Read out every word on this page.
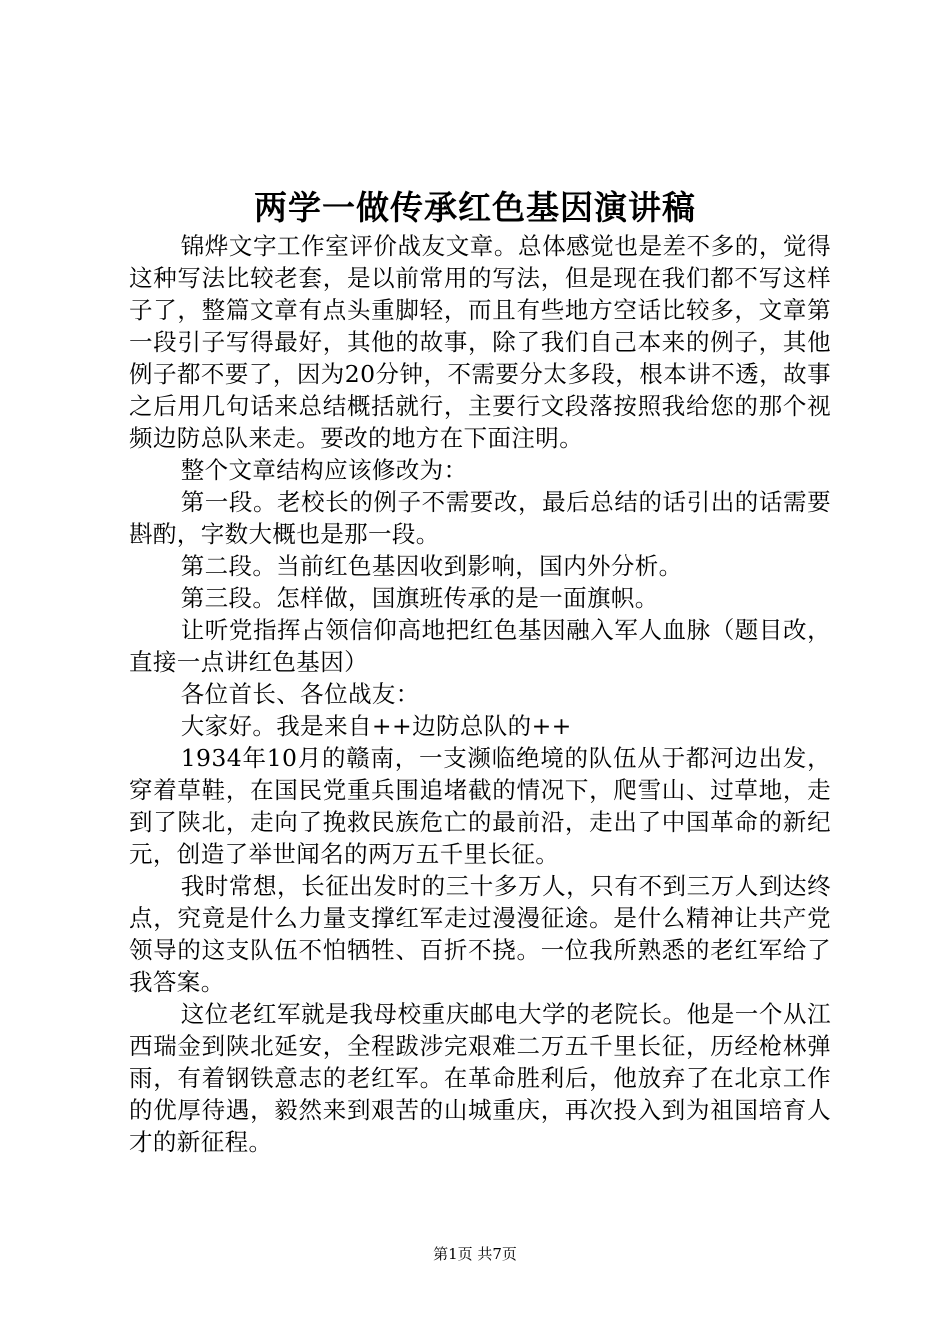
两学一做传承红色基因演讲稿

锦烨文字工作室评价战友文章。总体感觉也是差不多的，觉得这种写法比较老套，是以前常用的写法，但是现在我们都不写这样子了，整篇文章有点头重脚轻，而且有些地方空话比较多，文章第一段引子写得最好，其他的故事，除了我们自己本来的例子，其他例子都不要了，因为20分钟，不需要分太多段，根本讲不透，故事之后用几句话来总结概括就行，主要行文段落按照我给您的那个视频边防总队来走。要改的地方在下面注明。

整个文章结构应该修改为：

第一段。老校长的例子不需要改，最后总结的话引出的话需要斟酌，字数大概也是那一段。

第二段。当前红色基因收到影响，国内外分析。

第三段。怎样做，国旗班传承的是一面旗帜。

让听党指挥占领信仰高地把红色基因融入军人血脉（题目改，直接一点讲红色基因）

各位首长、各位战友：

大家好。我是来自++边防总队的++

1934年10月的赣南，一支濒临绝境的队伍从于都河边出发，穿着草鞋，在国民党重兵围追堵截的情况下，爬雪山、过草地，走到了陕北，走向了挽救民族危亡的最前沿，走出了中国革命的新纪元，创造了举世闻名的两万五千里长征。

我时常想，长征出发时的三十多万人，只有不到三万人到达终点，究竟是什么力量支撑红军走过漫漫征途。是什么精神让共产党领导的这支队伍不怕牺牲、百折不挠。一位我所熟悉的老红军给了我答案。

这位老红军就是我母校重庆邮电大学的老院长。他是一个从江西瑞金到陕北延安，全程跋涉完艰难二万五千里长征，历经枪林弹雨，有着钢铁意志的老红军。在革命胜利后，他放弃了在北京工作的优厚待遇，毅然来到艰苦的山城重庆，再次投入到为祖国培育人才的新征程。

第1页 共7页
